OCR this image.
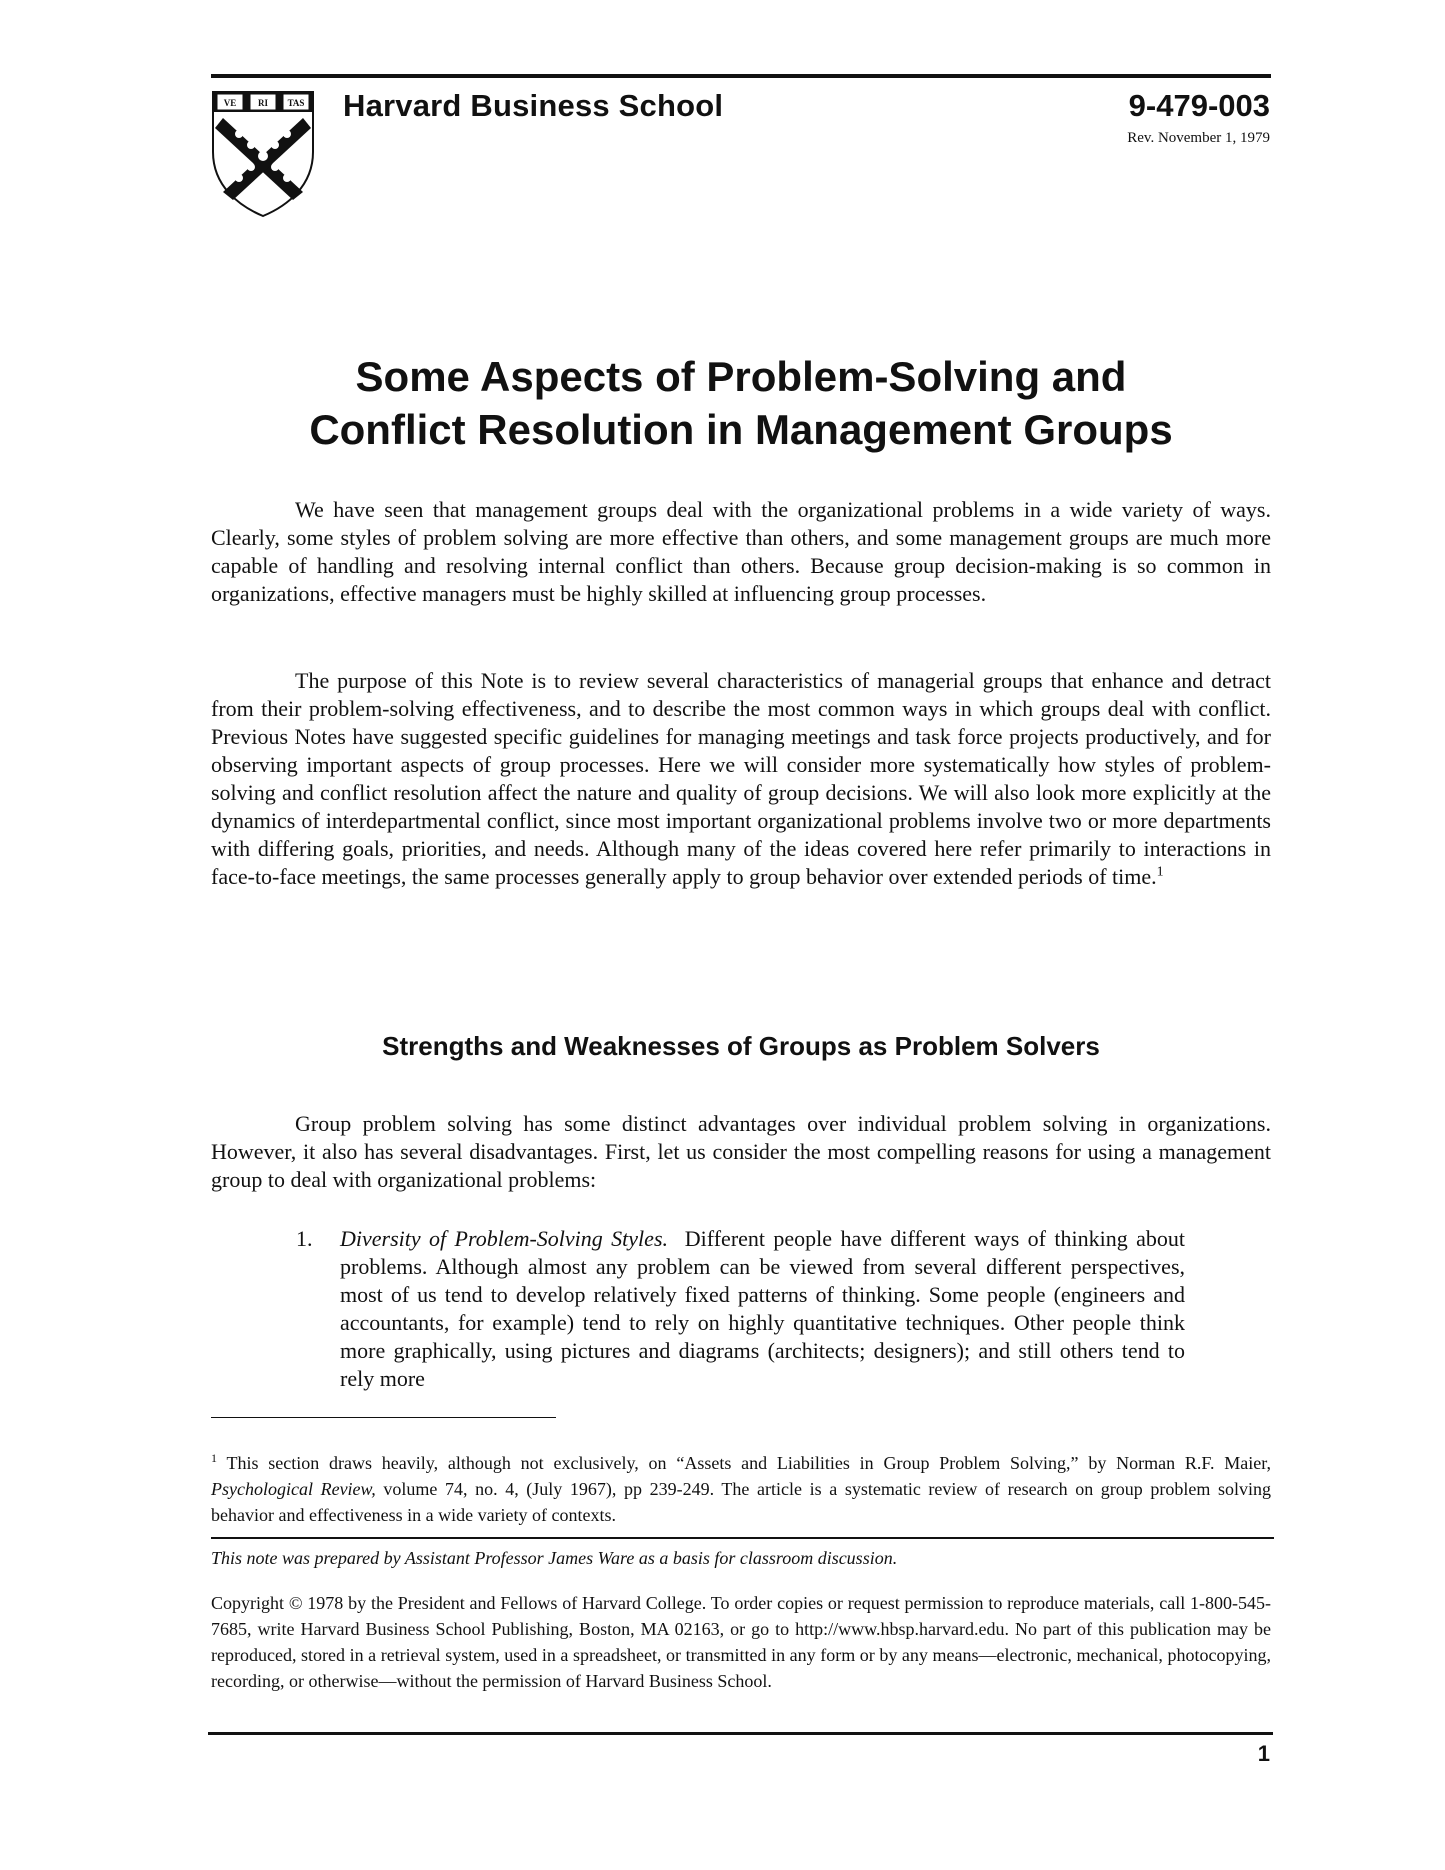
VE RI TAS Harvard Business School	9-479-003
Rev. November 1, 1979
Some Aspects of Problem-Solving and
Conflict Resolution in Management Groups

We have seen that management groups deal with the organizational problems in a wide variety of ways. Clearly, some styles of problem solving are more effective than others, and some management groups are much more capable of handling and resolving internal conflict than others. Because group decision-making is so common in organizations, effective managers must be highly skilled at influencing group processes.

The purpose of this Note is to review several characteristics of managerial groups that enhance and detract from their problem-solving effectiveness, and to describe the most common ways in which groups deal with conflict. Previous Notes have suggested specific guidelines for managing meetings and task force projects productively, and for observing important aspects of group processes. Here we will consider more systematically how styles of problem-solving and conflict resolution affect the nature and quality of group decisions. We will also look more explicitly at the dynamics of interdepartmental conflict, since most important organizational problems involve two or more departments with differing goals, priorities, and needs. Although many of the ideas covered here refer primarily to interactions in face-to-face meetings, the same processes generally apply to group behavior over extended periods of time.$^1$

Strengths and Weaknesses of Groups as Problem Solvers

Group problem solving has some distinct advantages over individual problem solving in organizations. However, it also has several disadvantages. First, let us consider the most compelling reasons for using a management group to deal with organizational problems:

1. Diversity of Problem-Solving Styles. Different people have different ways of thinking about problems. Although almost any problem can be viewed from several different perspectives, most of us tend to develop relatively fixed patterns of thinking. Some people (engineers and accountants, for example) tend to rely on highly quantitative techniques. Other people think more graphically, using pictures and diagrams (architects; designers); and still others tend to rely more

$^1$ This section draws heavily, although not exclusively, on “Assets and Liabilities in Group Problem Solving,” by Norman R.F. Maier, Psychological Review, volume 74, no. 4, (July 1967), pp 239-249. The article is a systematic review of research on group problem solving behavior and effectiveness in a wide variety of contexts.

This note was prepared by Assistant Professor James Ware as a basis for classroom discussion.

Copyright © 1978 by the President and Fellows of Harvard College. To order copies or request permission to reproduce materials, call 1-800-545-7685, write Harvard Business School Publishing, Boston, MA 02163, or go to http://www.hbsp.harvard.edu. No part of this publication may be reproduced, stored in a retrieval system, used in a spreadsheet, or transmitted in any form or by any means—electronic, mechanical, photocopying, recording, or otherwise—without the permission of Harvard Business School.

1
